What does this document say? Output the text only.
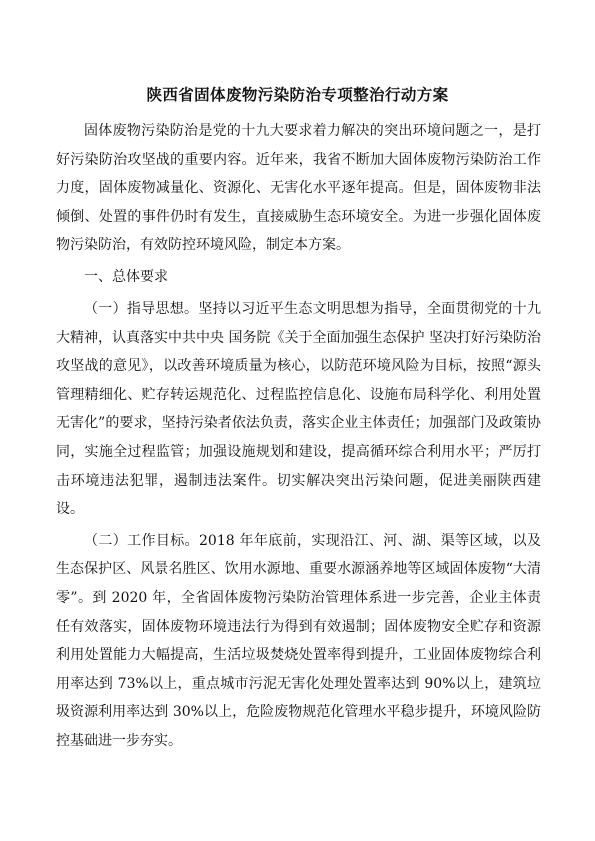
陕西省固体废物污染防治专项整治行动方案

固体废物污染防治是党的十九大要求着力解决的突出环境问题之一，是打好污染防治攻坚战的重要内容。近年来，我省不断加大固体废物污染防治工作力度，固体废物减量化、资源化、无害化水平逐年提高。但是，固体废物非法倾倒、处置的事件仍时有发生，直接威胁生态环境安全。为进一步强化固体废物污染防治，有效防控环境风险，制定本方案。

一、总体要求

（一）指导思想。坚持以习近平生态文明思想为指导，全面贯彻党的十九大精神，认真落实中共中央 国务院《关于全面加强生态保护 坚决打好污染防治攻坚战的意见》，以改善环境质量为核心，以防范环境风险为目标，按照“源头管理精细化、贮存转运规范化、过程监控信息化、设施布局科学化、利用处置无害化”的要求，坚持污染者依法负责，落实企业主体责任；加强部门及政策协同，实施全过程监管；加强设施规划和建设，提高循环综合利用水平；严厉打击环境违法犯罪，遏制违法案件。切实解决突出污染问题，促进美丽陕西建设。

（二）工作目标。2018 年年底前，实现沿江、河、湖、渠等区域，以及生态保护区、风景名胜区、饮用水源地、重要水源涵养地等区域固体废物“大清零”。到 2020 年，全省固体废物污染防治管理体系进一步完善，企业主体责任有效落实，固体废物环境违法行为得到有效遏制；固体废物安全贮存和资源利用处置能力大幅提高，生活垃圾焚烧处置率得到提升，工业固体废物综合利用率达到 73%以上，重点城市污泥无害化处理处置率达到 90%以上，建筑垃圾资源利用率达到 30%以上，危险废物规范化管理水平稳步提升，环境风险防控基础进一步夯实。
